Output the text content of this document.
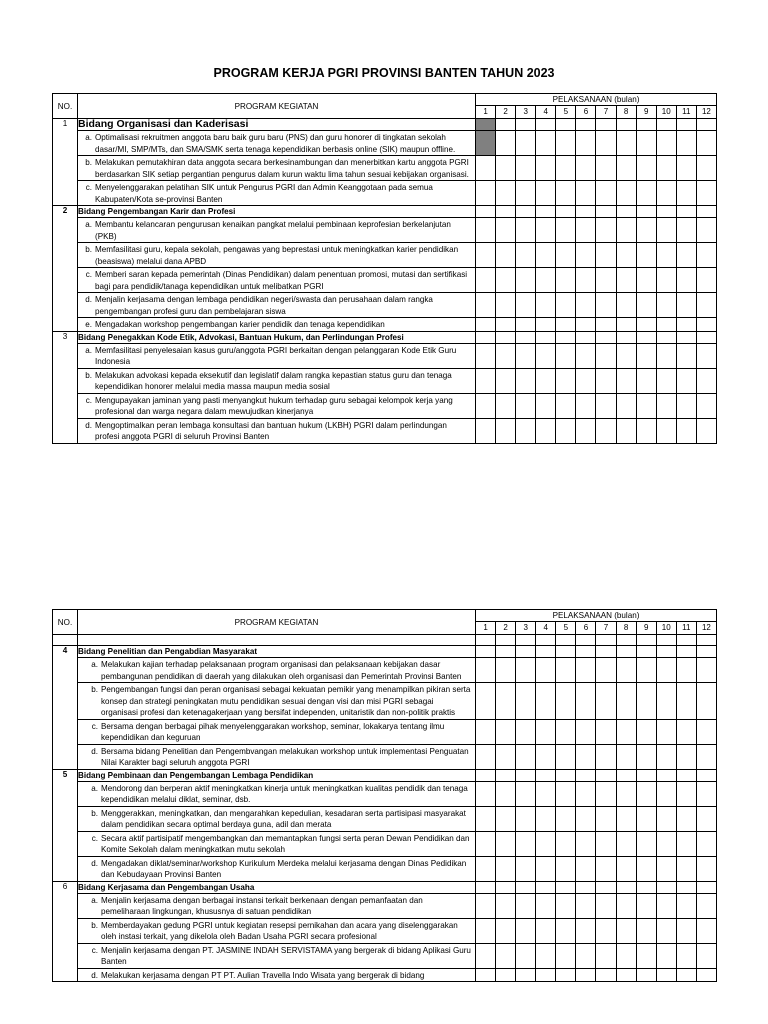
PROGRAM KERJA PGRI PROVINSI BANTEN TAHUN 2023
NO.	PROGRAM KEGIATAN	PELAKSANAAN (bulan)											
		1	2	3	4	5	6	7	8	9	10	11	12
1	Bidang Organisasi dan Kaderisasi												

	a. Optimalisasi rekruitmen anggota baru baik guru baru (PNS) dan guru honorer di tingkatan sekolah dasar/MI, SMP/MTs, dan SMA/SMK serta tenaga kependidikan berbasis online (SIK) maupun offline.												

	b. Melakukan pemutakhiran data anggota secara berkesinambungan dan menerbitkan kartu anggota PGRI berdasarkan SIK setiap pergantian pengurus dalam kurun waktu lima tahun sesuai kebijakan organisasi.												

	c. Menyelenggarakan pelatihan SIK untuk Pengurus PGRI dan Admin Keanggotaan pada semua Kabupaten/Kota se-provinsi Banten												

2	Bidang Pengembangan Karir dan Profesi												

	a. Membantu kelancaran pengurusan kenaikan pangkat melalui pembinaan keprofesian berkelanjutan (PKB)												

	b. Memfasilitasi guru, kepala sekolah, pengawas yang beprestasi untuk meningkatkan karier pendidikan (beasiswa) melalui dana APBD												

	c. Memberi saran kepada pemerintah (Dinas Pendidikan) dalam penentuan promosi, mutasi dan sertifikasi bagi para pendidik/tanaga kependidikan untuk melibatkan PGRI												

	d. Menjalin kerjasama dengan lembaga pendidikan negeri/swasta dan perusahaan dalam rangka pengembangan profesi guru dan pembelajaran siswa												

	e. Mengadakan workshop pengembangan karier pendidik dan tenaga kependidikan												

3	Bidang Penegakkan Kode Etik, Advokasi, Bantuan Hukum, dan Perlindungan Profesi												

	a. Memfasilitasi penyelesaian kasus guru/anggota PGRI berkaitan dengan pelanggaran Kode Etik Guru Indonesia												

	b. Melakukan advokasi kepada eksekutif dan legislatif dalam rangka kepastian status guru dan tenaga kependidikan honorer melalui media massa maupun media sosial												

	c. Mengupayakan jaminan yang pasti menyangkut hukum terhadap guru sebagai kelompok kerja yang profesional dan warga negara dalam mewujudkan kinerjanya												

	d. Mengoptimalkan peran lembaga konsultasi dan bantuan hukum (LKBH) PGRI dalam perlindungan profesi anggota PGRI di seluruh Provinsi Banten												

NO.	PROGRAM KEGIATAN	PELAKSANAAN (bulan)											
		1	2	3	4	5	6	7	8	9	10	11	12

4	Bidang Penelitian dan Pengabdian Masyarakat												

	a. Melakukan kajian terhadap pelaksanaan program organisasi dan pelaksanaan kebijakan dasar pembangunan pendidikan di daerah yang dilakukan oleh organisasi dan Pemerintah Provinsi Banten												

	b. Pengembangan fungsi dan peran organisasi sebagai kekuatan pemikir yang menampilkan pikiran serta konsep dan strategi peningkatan mutu pendidikan sesuai dengan visi dan misi PGRI sebagai organisasi profesi dan ketenagakerjaan yang bersifat independen, unitaristik dan non-politik praktis												

	c. Bersama dengan berbagai pihak menyelenggarakan workshop, seminar, lokakarya tentang ilmu kependidikan dan keguruan												

	d. Bersama bidang Penelitian dan Pengembvangan melakukan workshop untuk implementasi Penguatan Nilai Karakter bagi seluruh anggota PGRI												

5	Bidang Pembinaan dan Pengembangan Lembaga Pendidikan												

	a. Mendorong dan berperan aktif meningkatkan kinerja untuk meningkatkan kualitas pendidik dan tenaga kependidikan melalui diklat, seminar, dsb.												

	b. Menggerakkan, meningkatkan, dan mengarahkan kepedulian, kesadaran serta partisipasi masyarakat dalam pendidikan secara optimal berdaya guna, adil dan merata												

	c. Secara aktif partisipatif mengembangkan dan memantapkan fungsi serta peran Dewan Pendidikan dan Komite Sekolah dalam meningkatkan mutu sekolah												

	d. Mengadakan diklat/seminar/workshop Kurikulum Merdeka melalui kerjasama dengan Dinas Pedidikan dan Kebudayaan Provinsi Banten												

6	Bidang Kerjasama dan Pengembangan Usaha												

	a. Menjalin kerjasama dengan berbagai instansi terkait berkenaan dengan pemanfaatan dan pemeliharaan lingkungan, khususnya di satuan pendidikan												

	b. Memberdayakan gedung PGRI untuk kegiatan resepsi pernikahan dan acara yang diselenggarakan oleh instasi terkait, yang dikelola oleh Badan Usaha PGRI secara profesional												

	c. Menjalin kerjasama dengan PT. JASMINE INDAH SERVISTAMA yang bergerak di bidang Aplikasi Guru Banten												

	d. Melakukan kerjasama dengan PT PT. Aulian Travella Indo Wisata yang bergerak di bidang												
